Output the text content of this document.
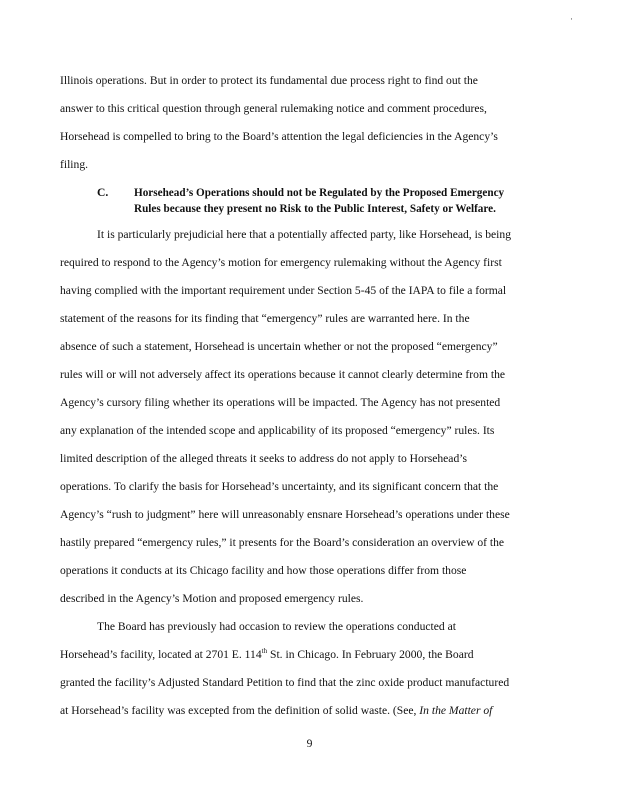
·
Illinois operations. But in order to protect its fundamental due process right to find out the
answer to this critical question through general rulemaking notice and comment procedures,
Horsehead is compelled to bring to the Board’s attention the legal deficiencies in the Agency’s
filing.
C. Horsehead’s Operations should not be Regulated by the Proposed Emergency
Rules because they present no Risk to the Public Interest, Safety or Welfare.
It is particularly prejudicial here that a potentially affected party, like Horsehead, is being
required to respond to the Agency’s motion for emergency rulemaking without the Agency first
having complied with the important requirement under Section 5-45 of the IAPA to file a formal
statement of the reasons for its finding that “emergency” rules are warranted here. In the
absence of such a statement, Horsehead is uncertain whether or not the proposed “emergency”
rules will or will not adversely affect its operations because it cannot clearly determine from the
Agency’s cursory filing whether its operations will be impacted. The Agency has not presented
any explanation of the intended scope and applicability of its proposed “emergency” rules. Its
limited description of the alleged threats it seeks to address do not apply to Horsehead’s
operations. To clarify the basis for Horsehead’s uncertainty, and its significant concern that the
Agency’s “rush to judgment” here will unreasonably ensnare Horsehead’s operations under these
hastily prepared “emergency rules,” it presents for the Board’s consideration an overview of the
operations it conducts at its Chicago facility and how those operations differ from those
described in the Agency’s Motion and proposed emergency rules.
The Board has previously had occasion to review the operations conducted at
Horsehead’s facility, located at 2701 E. 114th St. in Chicago. In February 2000, the Board
granted the facility’s Adjusted Standard Petition to find that the zinc oxide product manufactured
at Horsehead’s facility was excepted from the definition of solid waste. (See, In the Matter of
9
